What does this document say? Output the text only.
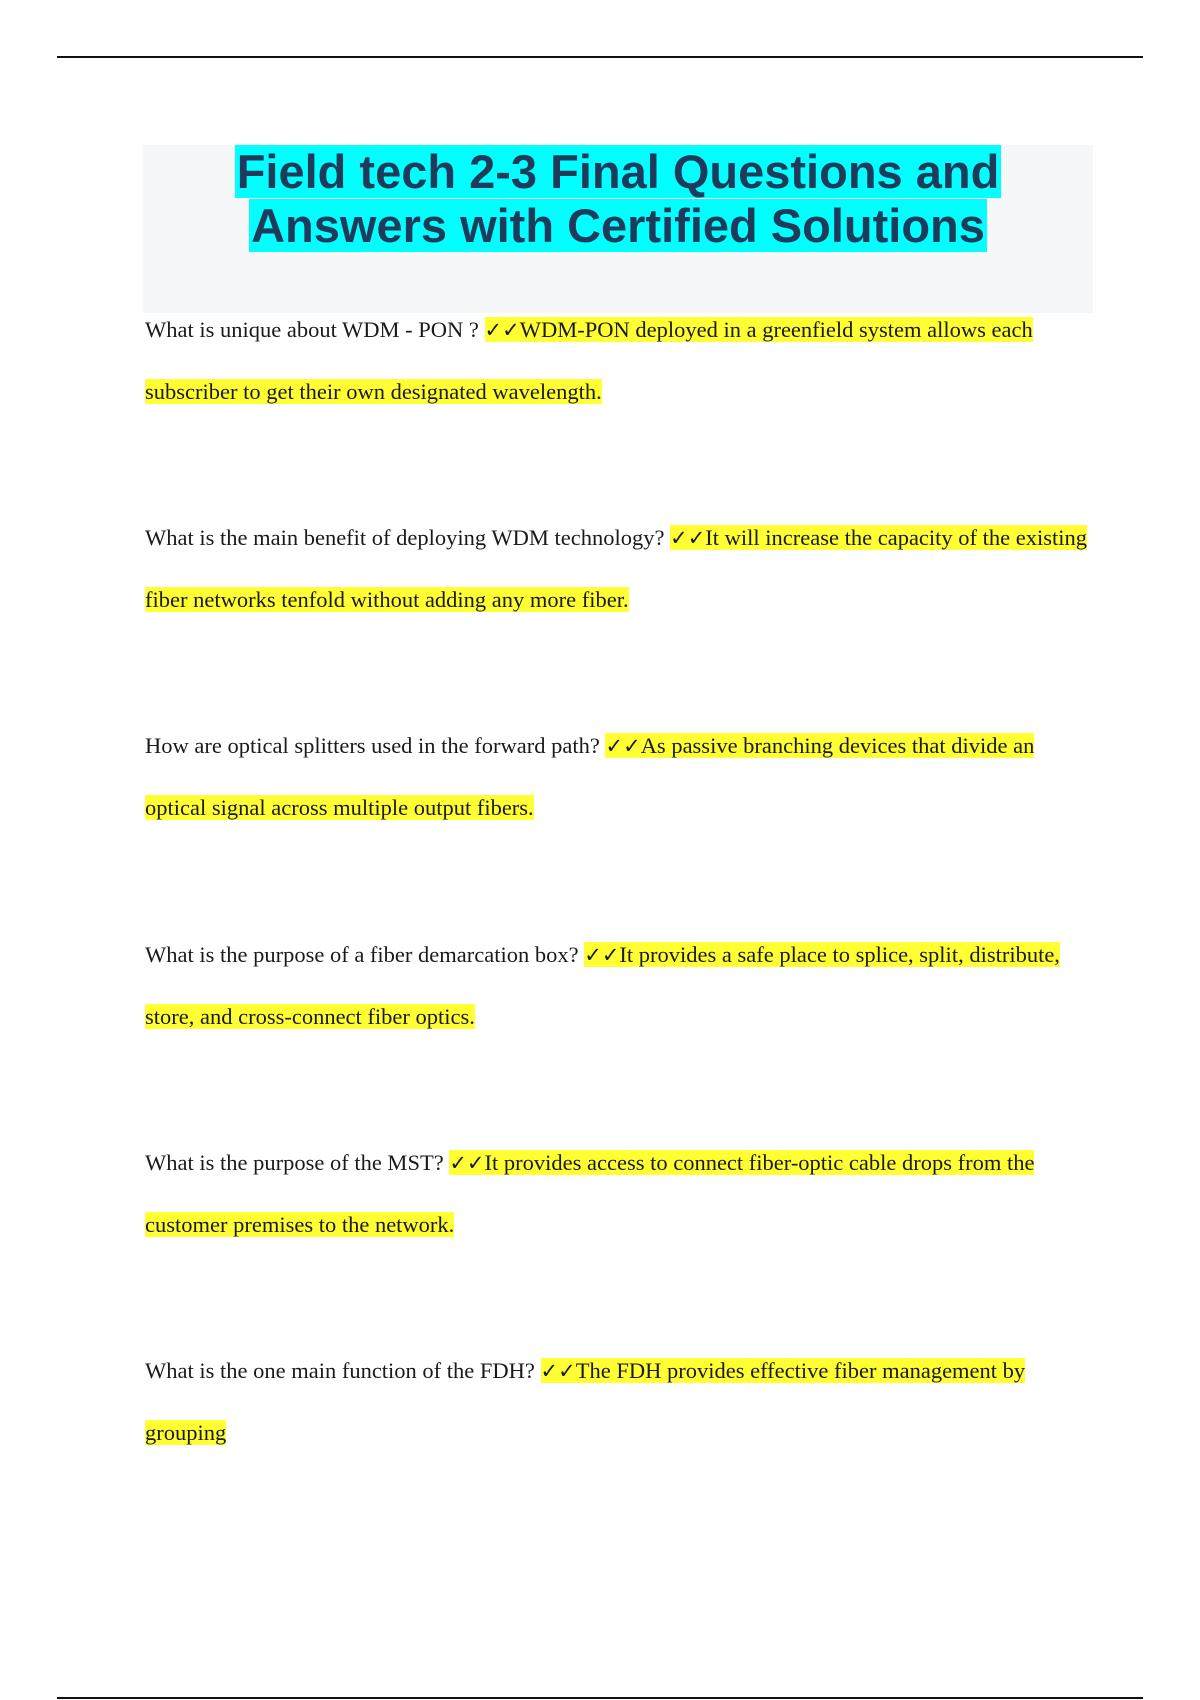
Field tech 2-3 Final Questions and
Answers with Certified Solutions

What is unique about WDM - PON ? ✓✓WDM-PON deployed in a greenfield system allows each subscriber to get their own designated wavelength.

What is the main benefit of deploying WDM technology? ✓✓It will increase the capacity of the existing fiber networks tenfold without adding any more fiber.

How are optical splitters used in the forward path? ✓✓As passive branching devices that divide an optical signal across multiple output fibers.

What is the purpose of a fiber demarcation box? ✓✓It provides a safe place to splice, split, distribute, store, and cross-connect fiber optics.

What is the purpose of the MST? ✓✓It provides access to connect fiber-optic cable drops from the customer premises to the network.

What is the one main function of the FDH? ✓✓The FDH provides effective fiber management by grouping
